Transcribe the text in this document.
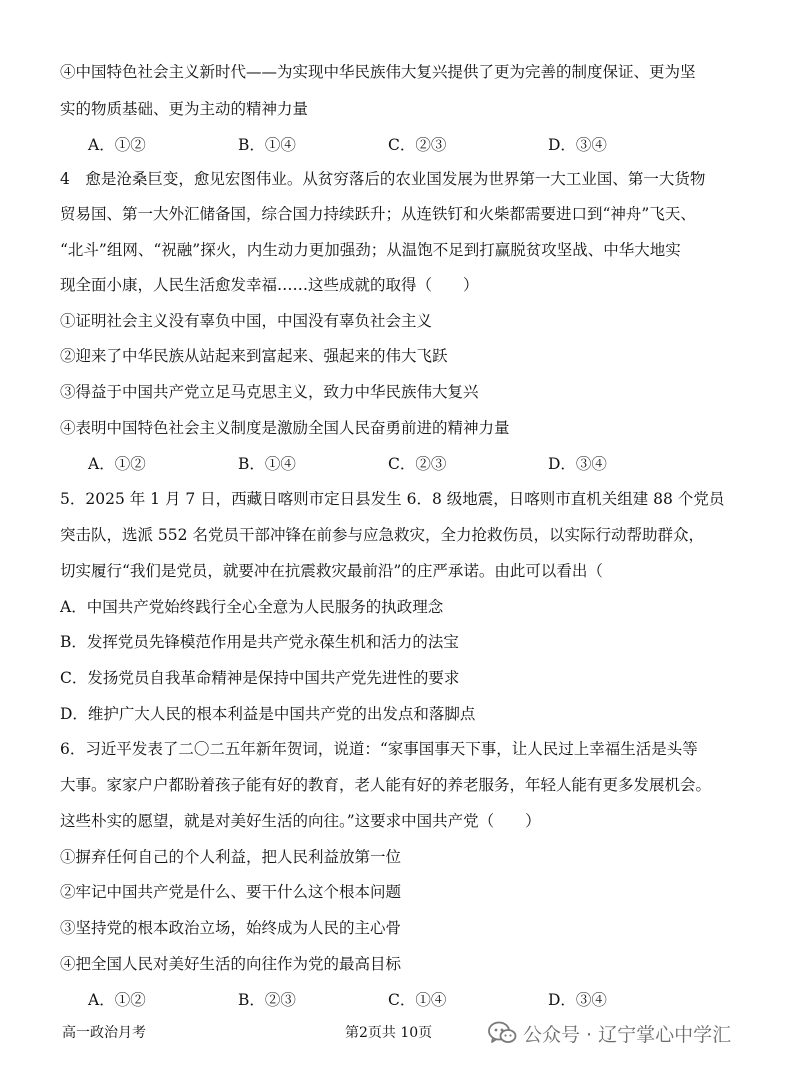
④中国特色社会主义新时代——为实现中华民族伟大复兴提供了更为完善的制度保证、更为坚
实的物质基础、更为主动的精神力量
A．①②	B．①④	C．②③	D．③④
4　愈是沧桑巨变，愈见宏图伟业。从贫穷落后的农业国发展为世界第一大工业国、第一大货物
贸易国、第一大外汇储备国，综合国力持续跃升；从连铁钉和火柴都需要进口到“神舟”飞天、
“北斗”组网、“祝融”探火，内生动力更加强劲；从温饱不足到打赢脱贫攻坚战、中华大地实
现全面小康，人民生活愈发幸福……这些成就的取得（　　）
①证明社会主义没有辜负中国，中国没有辜负社会主义
②迎来了中华民族从站起来到富起来、强起来的伟大飞跃
③得益于中国共产党立足马克思主义，致力中华民族伟大复兴
④表明中国特色社会主义制度是激励全国人民奋勇前进的精神力量
A．①②	B．①④	C．②③	D．③④
5．2025 年 1 月 7 日，西藏日喀则市定日县发生 6．8 级地震，日喀则市直机关组建 88 个党员
突击队，选派 552 名党员干部冲锋在前参与应急救灾，全力抢救伤员，以实际行动帮助群众，
切实履行“我们是党员，就要冲在抗震救灾最前沿”的庄严承诺。由此可以看出（
A．中国共产党始终践行全心全意为人民服务的执政理念
B．发挥党员先锋模范作用是共产党永葆生机和活力的法宝
C．发扬党员自我革命精神是保持中国共产党先进性的要求
D．维护广大人民的根本利益是中国共产党的出发点和落脚点
6．习近平发表了二〇二五年新年贺词，说道：“家事国事天下事，让人民过上幸福生活是头等
大事。家家户户都盼着孩子能有好的教育，老人能有好的养老服务，年轻人能有更多发展机会。
这些朴实的愿望，就是对美好生活的向往。”这要求中国共产党（　　）
①摒弃任何自己的个人利益，把人民利益放第一位
②牢记中国共产党是什么、要干什么这个根本问题
③坚持党的根本政治立场，始终成为人民的主心骨
④把全国人民对美好生活的向往作为党的最高目标
A．①②	B．②③	C．①④	D．③④
高一政治月考	第2页共 10页	公众号 · 辽宁掌心中学汇
